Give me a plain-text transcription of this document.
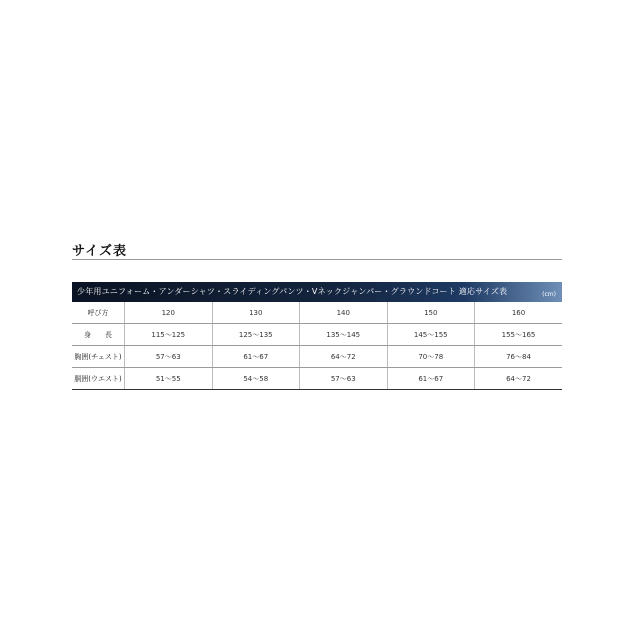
サイズ表
少年用ユニフォーム・アンダーシャツ・スライディングパンツ・Vネックジャンパー・グラウンドコート 適応サイズ表	(cm)
呼び方	120	130	140	150	160
身　　長	115〜125	125〜135	135〜145	145〜155	155〜165
胸囲(チェスト)	57〜63	61〜67	64〜72	70〜78	76〜84
胴囲(ウエスト)	51〜55	54〜58	57〜63	61〜67	64〜72
